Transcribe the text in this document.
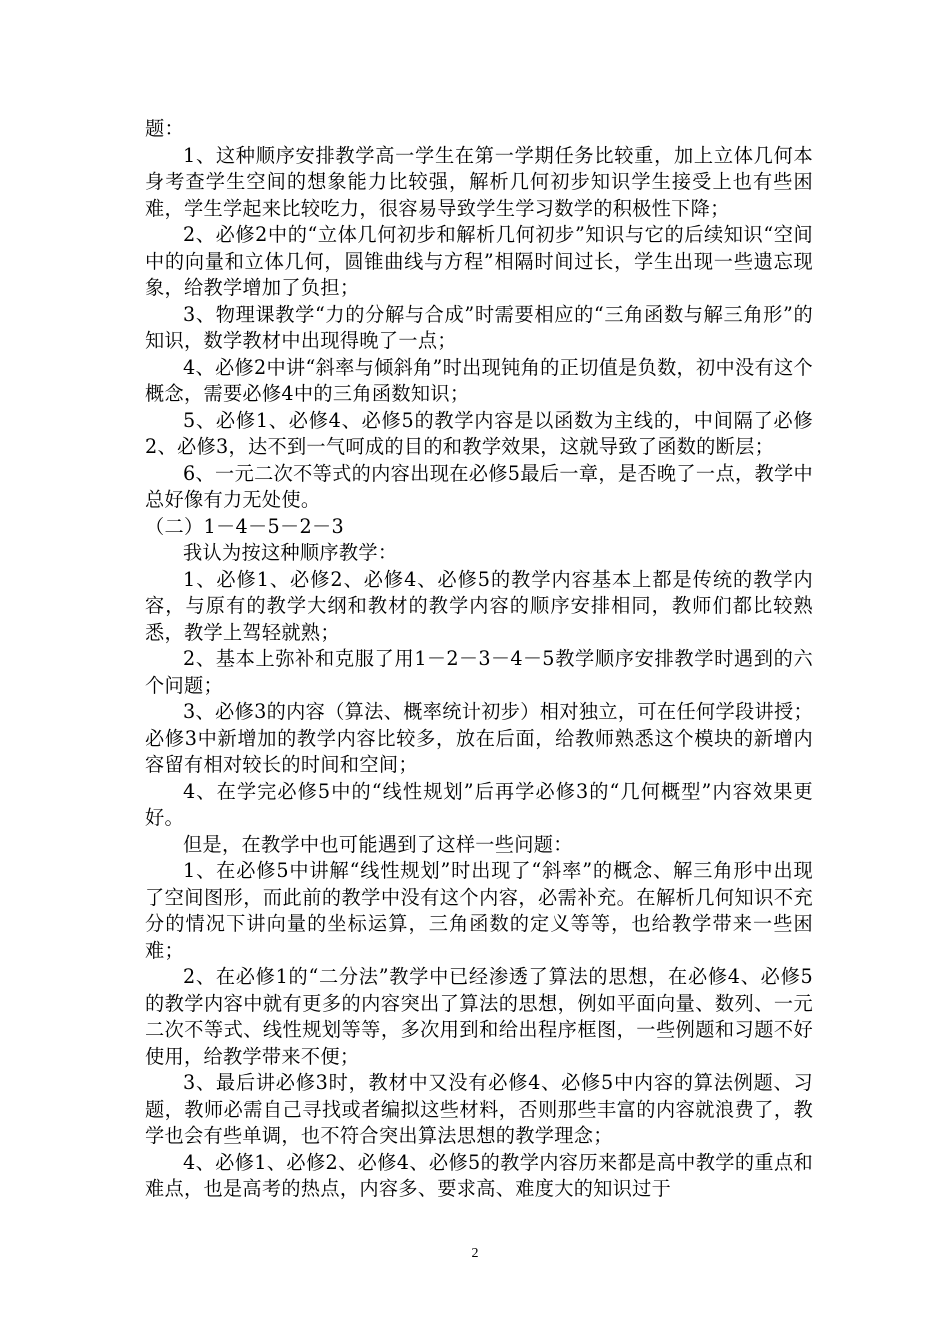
题：

1、这种顺序安排教学高一学生在第一学期任务比较重，加上立体几何本身考查学生空间的想象能力比较强，解析几何初步知识学生接受上也有些困难，学生学起来比较吃力，很容易导致学生学习数学的积极性下降；

2、必修2中的“立体几何初步和解析几何初步”知识与它的后续知识“空间中的向量和立体几何，圆锥曲线与方程”相隔时间过长，学生出现一些遗忘现象，给教学增加了负担；

3、物理课教学“力的分解与合成”时需要相应的“三角函数与解三角形”的知识，数学教材中出现得晚了一点；

4、必修2中讲“斜率与倾斜角”时出现钝角的正切值是负数，初中没有这个概念，需要必修4中的三角函数知识；

5、必修1、必修4、必修5的教学内容是以函数为主线的，中间隔了必修2、必修3，达不到一气呵成的目的和教学效果，这就导致了函数的断层；

6、一元二次不等式的内容出现在必修5最后一章，是否晚了一点，教学中总好像有力无处使。

（二）1－4－5－2－3

我认为按这种顺序教学：

1、必修1、必修2、必修4、必修5的教学内容基本上都是传统的教学内容，与原有的教学大纲和教材的教学内容的顺序安排相同，教师们都比较熟悉，教学上驾轻就熟；

2、基本上弥补和克服了用1－2－3－4－5教学顺序安排教学时遇到的六个问题；

3、必修3的内容（算法、概率统计初步）相对独立，可在任何学段讲授；必修3中新增加的教学内容比较多，放在后面，给教师熟悉这个模块的新增内容留有相对较长的时间和空间；

4、在学完必修5中的“线性规划”后再学必修3的“几何概型”内容效果更好。

但是，在教学中也可能遇到了这样一些问题：

1、在必修5中讲解“线性规划”时出现了“斜率”的概念、解三角形中出现了空间图形，而此前的教学中没有这个内容，必需补充。在解析几何知识不充分的情况下讲向量的坐标运算，三角函数的定义等等，也给教学带来一些困难；

2、在必修1的“二分法”教学中已经渗透了算法的思想，在必修4、必修5的教学内容中就有更多的内容突出了算法的思想，例如平面向量、数列、一元二次不等式、线性规划等等，多次用到和给出程序框图，一些例题和习题不好使用，给教学带来不便；

3、最后讲必修3时，教材中又没有必修4、必修5中内容的算法例题、习题，教师必需自己寻找或者编拟这些材料，否则那些丰富的内容就浪费了，教学也会有些单调，也不符合突出算法思想的教学理念；

4、必修1、必修2、必修4、必修5的教学内容历来都是高中教学的重点和难点，也是高考的热点，内容多、要求高、难度大的知识过于

2
